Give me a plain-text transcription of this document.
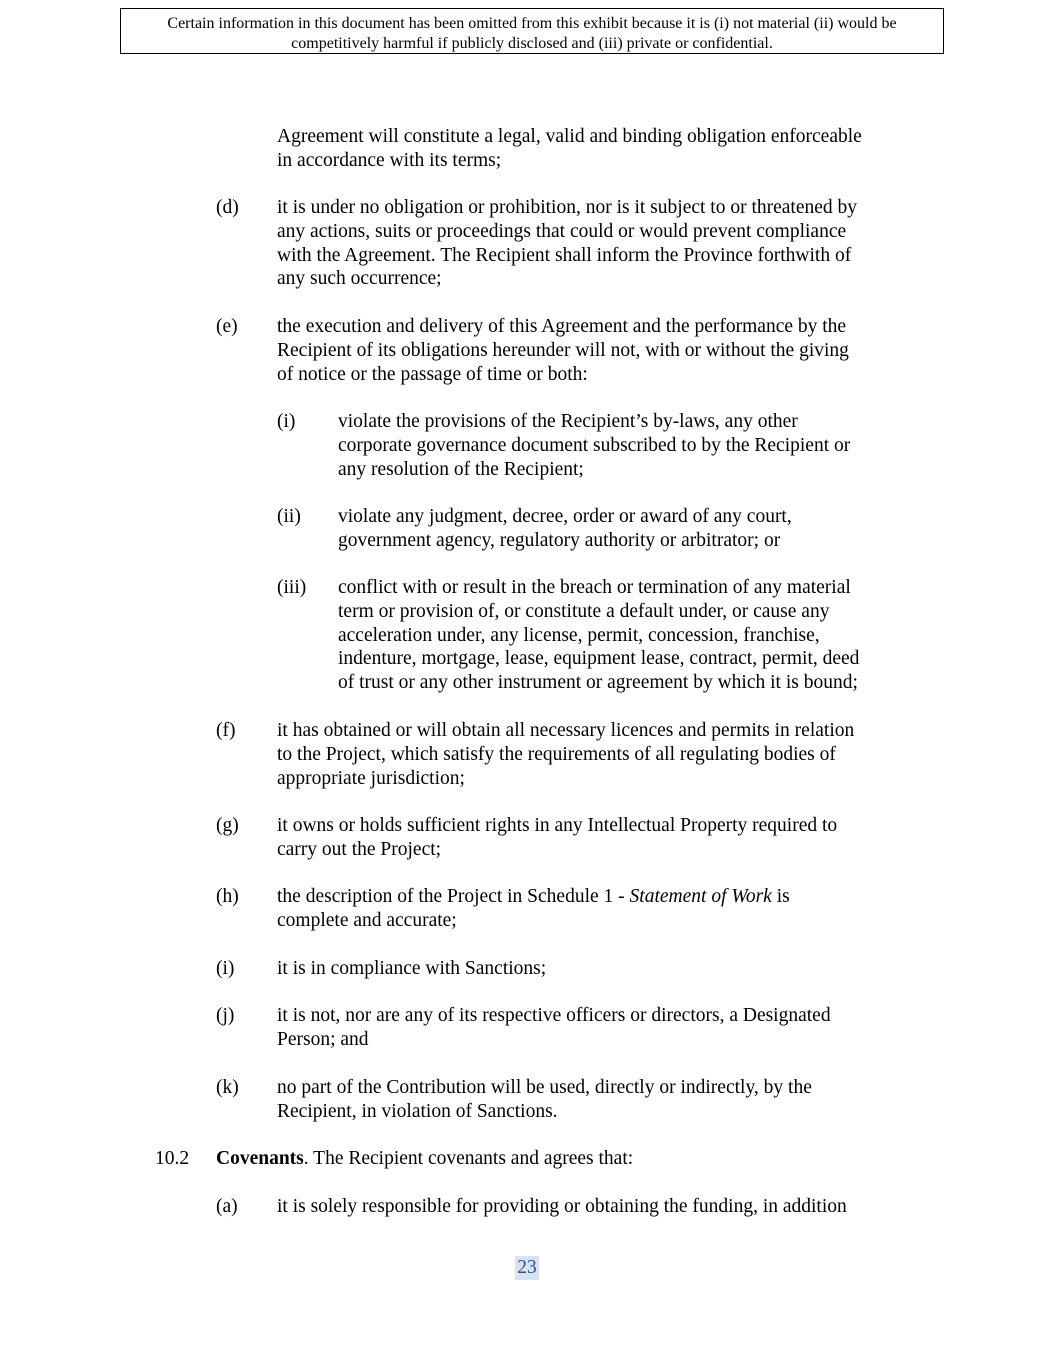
Certain information in this document has been omitted from this exhibit because it is (i) not material (ii) would be
competitively harmful if publicly disclosed and (iii) private or confidential.
Agreement will constitute a legal, valid and binding obligation enforceable
in accordance with its terms;
(d) it is under no obligation or prohibition, nor is it subject to or threatened by
any actions, suits or proceedings that could or would prevent compliance
with the Agreement. The Recipient shall inform the Province forthwith of
any such occurrence;
(e) the execution and delivery of this Agreement and the performance by the
Recipient of its obligations hereunder will not, with or without the giving
of notice or the passage of time or both:
(i) violate the provisions of the Recipient’s by-laws, any other
corporate governance document subscribed to by the Recipient or
any resolution of the Recipient;
(ii) violate any judgment, decree, order or award of any court,
government agency, regulatory authority or arbitrator; or
(iii) conflict with or result in the breach or termination of any material
term or provision of, or constitute a default under, or cause any
acceleration under, any license, permit, concession, franchise,
indenture, mortgage, lease, equipment lease, contract, permit, deed
of trust or any other instrument or agreement by which it is bound;
(f) it has obtained or will obtain all necessary licences and permits in relation
to the Project, which satisfy the requirements of all regulating bodies of
appropriate jurisdiction;
(g) it owns or holds sufficient rights in any Intellectual Property required to
carry out the Project;
(h) the description of the Project in Schedule 1 - Statement of Work is
complete and accurate;
(i) it is in compliance with Sanctions;
(j) it is not, nor are any of its respective officers or directors, a Designated
Person; and
(k) no part of the Contribution will be used, directly or indirectly, by the
Recipient, in violation of Sanctions.
10.2 Covenants. The Recipient covenants and agrees that:
(a) it is solely responsible for providing or obtaining the funding, in addition
23
